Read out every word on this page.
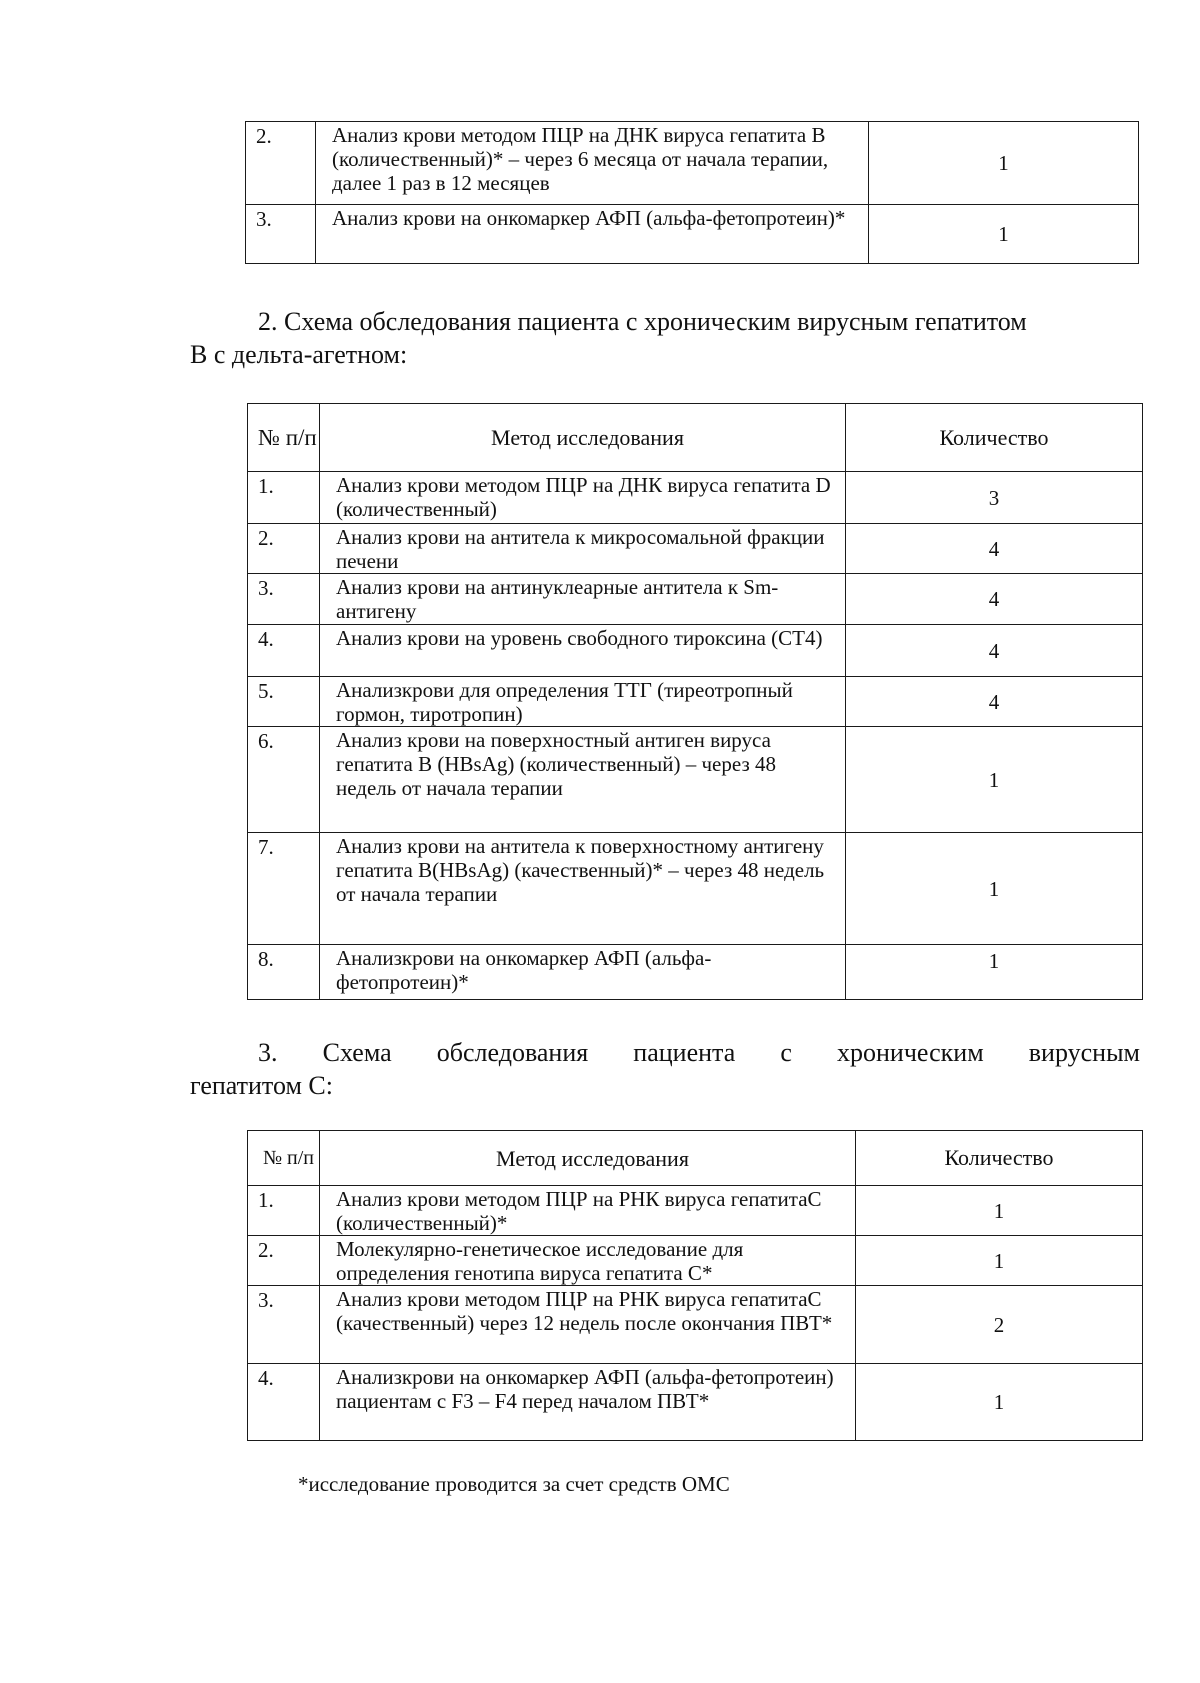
2.	Анализ крови методом ПЦР на ДНК вируса гепатита B (количественный)* – через 6 месяца от начала терапии, далее 1 раз в 12 месяцев	1
3.	Анализ крови на онкомаркер АФП (альфа-фетопротеин)*	1
2. Схема обследования пациента с хроническим вирусным гепатитом
B с дельта-агетном:
№ п/п	Метод исследования	Количество
1.	Анализ крови методом ПЦР на ДНК вируса гепатита D (количественный)	3
2.	Анализ крови на антитела к микросомальной фракции печени	4
3.	Анализ крови на антинуклеарные антитела к Sm-антигену	4
4.	Анализ крови на уровень свободного тироксина (СТ4)	4
5.	Анализкрови для определения ТТГ (тиреотропный гормон, тиротропин)	4
6.	Анализ крови на поверхностный антиген вируса гепатита B (HBsAg) (количественный) – через 48 недель от начала терапии	1
7.	Анализ крови на антитела к поверхностному антигену гепатита B(HBsAg) (качественный)* – через 48 недель от начала терапии	1
8.	Анализкрови на онкомаркер АФП (альфа-фетопротеин)*	1
3. Схема обследования пациента с хроническим вирусным
гепатитом C:
№ п/п	Метод исследования	Количество
1.	Анализ крови методом ПЦР на РНК вируса гепатитаC (количественный)*	1
2.	Молекулярно-генетическое исследование для определения генотипа вируса гепатита C*	1
3.	Анализ крови методом ПЦР на РНК вируса гепатитаC (качественный) через 12 недель после окончания ПВТ*	2
4.	Анализкрови на онкомаркер АФП (альфа-фетопротеин) пациентам с F3 – F4 перед началом ПВТ*	1
*исследование проводится за счет средств ОМС
